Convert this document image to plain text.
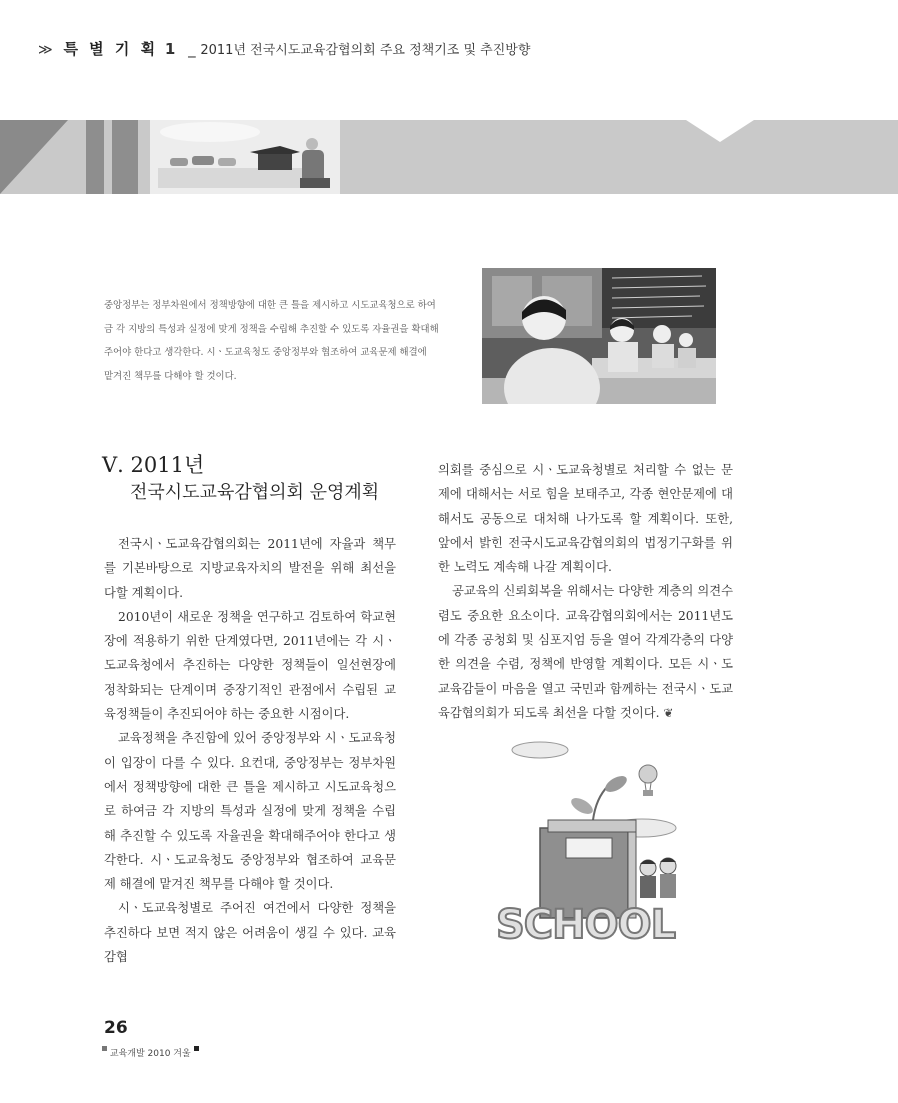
≫ 특 별 기 획 1 _ 2011년 전국시도교육감협의회 주요 정책기조 및 추진방향

중앙정부는 정부차원에서 정책방향에 대한 큰 틀을 제시하고 시도교육청으로 하여

금 각 지방의 특성과 실정에 맞게 정책을 수립해 추진할 수 있도록 자율권을 확대해

주어야 한다고 생각한다. 시ㆍ도교육청도 중앙정부와 협조하여 교육문제 해결에

맡겨진 책무를 다해야 할 것이다.

Ⅴ. 2011년
전국시도교육감협의회 운영계획

전국시ㆍ도교육감협의회는 2011년에 자율과 책무를 기본바탕으로 지방교육자치의 발전을 위해 최선을 다할 계획이다.

2010년이 새로운 정책을 연구하고 검토하여 학교현장에 적용하기 위한 단계였다면, 2011년에는 각 시ㆍ도교육청에서 추진하는 다양한 정책들이 일선현장에 정착화되는 단계이며 중장기적인 관점에서 수립된 교육정책들이 추진되어야 하는 중요한 시점이다.

교육정책을 추진함에 있어 중앙정부와 시ㆍ도교육청이 입장이 다를 수 있다. 요컨대, 중앙정부는 정부차원에서 정책방향에 대한 큰 틀을 제시하고 시도교육청으로 하여금 각 지방의 특성과 실정에 맞게 정책을 수립해 추진할 수 있도록 자율권을 확대해주어야 한다고 생각한다. 시ㆍ도교육청도 중앙정부와 협조하여 교육문제 해결에 맡겨진 책무를 다해야 할 것이다.

시ㆍ도교육청별로 주어진 여건에서 다양한 정책을 추진하다 보면 적지 않은 어려움이 생길 수 있다. 교육감협

의회를 중심으로 시ㆍ도교육청별로 처리할 수 없는 문제에 대해서는 서로 힘을 보태주고, 각종 현안문제에 대해서도 공동으로 대처해 나가도록 할 계획이다. 또한, 앞에서 밝힌 전국시도교육감협의회의 법정기구화를 위한 노력도 계속해 나갈 계획이다.

공교육의 신뢰회복을 위해서는 다양한 계층의 의견수렴도 중요한 요소이다. 교육감협의회에서는 2011년도에 각종 공청회 및 심포지엄 등을 열어 각계각층의 다양한 의견을 수렴, 정책에 반영할 계획이다. 모든 시ㆍ도교육감들이 마음을 열고 국민과 함께하는 전국시ㆍ도교육감협의회가 되도록 최선을 다할 것이다. ❦

SCHOOL
26
교육개발 2010 겨울
